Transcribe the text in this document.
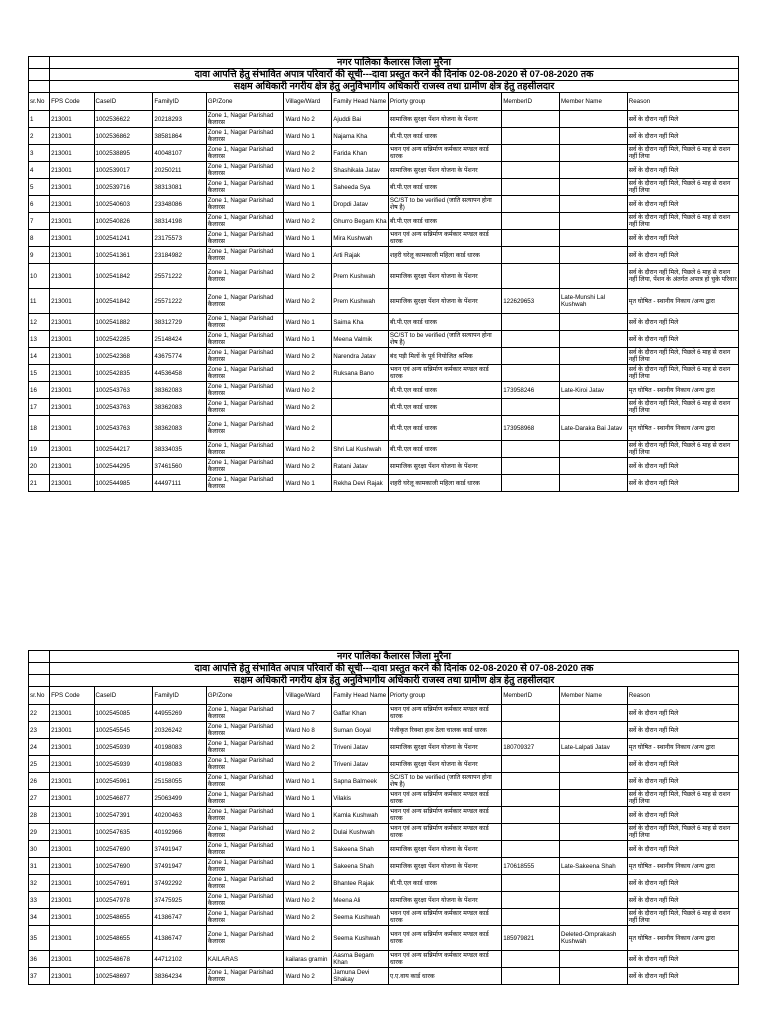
	नगर पालिका कैलारस जिला मुरैना									
	दावा आपत्ति हेतु संभावित अपात्र परिवारों की सूची---दावा प्रस्तुत करने की दिनांक 02-08-2020 से 07-08-2020 तक									
	सक्षम अधिकारी नगरीय क्षेत्र हेतु अनुविभागीय अधिकारी राजस्व तथा ग्रामीण क्षेत्र हेतु तहसीलदार									
sr.No	FPS Code	CaseID	FamilyID	GP/Zone	Village/Ward	Family Head Name	Priorty group	MemberID	Member Name	Reason
1	213001	1002536622	20218293	Zone 1, Nagar Parishad कैलारस	Ward No 2	Ajuddi Bai	सामाजिक सुरक्षा पेंशन योजना के पेंशनर			सर्वे के दौरान नहीं मिले
2	213001	1002536862	38581864	Zone 1, Nagar Parishad कैलारस	Ward No 1	Najama Kha	बी.पी.एल कार्ड धारक			सर्वे के दौरान नहीं मिले
3	213001	1002538895	40048107	Zone 1, Nagar Parishad कैलारस	Ward No 2	Farida Khan	भवन एवं अन्य सन्निर्माण कर्मकार मण्डल कार्ड धारक			सर्व के दौरान नहीं मिले, पिछले 6 माह से राशन नहीं लिया
4	213001	1002539017	20250211	Zone 1, Nagar Parishad कैलारस	Ward No 2	Shashikala Jatav	सामाजिक सुरक्षा पेंशन योजना के पेंशनर			सर्वे के दौरान नहीं मिले
5	213001	1002539716	38313081	Zone 1, Nagar Parishad कैलारस	Ward No 1	Saheeda Sya	बी.पी.एल कार्ड धारक			सर्व के दौरान नहीं मिले, पिछले 6 माह से राशन नहीं लिया
6	213001	1002540603	23348086	Zone 1, Nagar Parishad कैलारस	Ward No 1	Dropdi Jatav	SC/ST to be verified (जाति सत्यापन होना शेष है)			सर्वे के दौरान नहीं मिले
7	213001	1002540826	38314198	Zone 1, Nagar Parishad कैलारस	Ward No 2	Ghurro Begam Kha	बी.पी.एल कार्ड धारक			सर्व के दौरान नहीं मिले, पिछले 6 माह से राशन नहीं लिया
8	213001	1002541241	23175573	Zone 1, Nagar Parishad कैलारस	Ward No 1	Mira Kushwah	भवन एवं अन्य सन्निर्माण कर्मकार मण्डल कार्ड धारक			सर्वे के दौरान नहीं मिले
9	213001	1002541361	23184982	Zone 1, Nagar Parishad कैलारस	Ward No 1	Arti Rajak	शहरी घरेलू कामकाजी महिला कार्ड धारक			सर्वे के दौरान नहीं मिले
10	213001	1002541842	25571222	Zone 1, Nagar Parishad कैलारस	Ward No 2	Prem Kushwah	सामाजिक सुरक्षा पेंशन योजना के पेंशनर			सर्व के दौरान नहीं मिले, पिछले 6 माह से राशन नहीं लिया, पेंशन के अंतर्गत अपात्र हो चुके परिवार
11	213001	1002541842	25571222	Zone 1, Nagar Parishad कैलारस	Ward No 2	Prem Kushwah	सामाजिक सुरक्षा पेंशन योजना के पेंशनर	122629653	Late-Munshi Lal Kushwah	मृत घोषित - स्थानीय निकाय /अन्य द्वारा
12	213001	1002541882	38312729	Zone 1, Nagar Parishad कैलारस	Ward No 1	Saima Kha	बी.पी.एल कार्ड धारक			सर्वे के दौरान नहीं मिले
13	213001	1002542285	25148424	Zone 1, Nagar Parishad कैलारस	Ward No 1	Meena Valmik	SC/ST to be verified (जाति सत्यापन होना शेष है)			सर्वे के दौरान नहीं मिले
14	213001	1002542368	43675774	Zone 1, Nagar Parishad कैलारस	Ward No 2	Narendra Jatav	बंद पड़ी मिलों के पूर्व नियोजित श्रमिक			सर्व के दौरान नहीं मिले, पिछले 6 माह से राशन नहीं लिया
15	213001	1002542835	44536458	Zone 1, Nagar Parishad कैलारस	Ward No 2	Ruksana Bano	भवन एवं अन्य सन्निर्माण कर्मकार मण्डल कार्ड धारक			सर्व के दौरान नहीं मिले, पिछले 6 माह से राशन नहीं लिया
16	213001	1002543763	38362083	Zone 1, Nagar Parishad कैलारस	Ward No 2		बी.पी.एल कार्ड धारक	173958246	Late-Kiroi Jatav	मृत घोषित - स्थानीय निकाय /अन्य द्वारा
17	213001	1002543763	38362083	Zone 1, Nagar Parishad कैलारस	Ward No 2		बी.पी.एल कार्ड धारक			सर्व के दौरान नहीं मिले, पिछले 6 माह से राशन नहीं लिया
18	213001	1002543763	38362083	Zone 1, Nagar Parishad कैलारस	Ward No 2		बी.पी.एल कार्ड धारक	173958968	Late-Daraka Bai Jatav	मृत घोषित - स्थानीय निकाय /अन्य द्वारा
19	213001	1002544217	38334035	Zone 1, Nagar Parishad कैलारस	Ward No 2	Shri Lal Kushwah	बी.पी.एल कार्ड धारक			सर्व के दौरान नहीं मिले, पिछले 6 माह से राशन नहीं लिया
20	213001	1002544295	37461560	Zone 1, Nagar Parishad कैलारस	Ward No 2	Ratani Jatav	सामाजिक सुरक्षा पेंशन योजना के पेंशनर			सर्वे के दौरान नहीं मिले
21	213001	1002544985	44497111	Zone 1, Nagar Parishad कैलारस	Ward No 1	Rekha Devi Rajak	शहरी घरेलू कामकाजी महिला कार्ड धारक			सर्वे के दौरान नहीं मिले
	नगर पालिका कैलारस जिला मुरैना									
	दावा आपत्ति हेतु संभावित अपात्र परिवारों की सूची---दावा प्रस्तुत करने की दिनांक 02-08-2020 से 07-08-2020 तक									
	सक्षम अधिकारी नगरीय क्षेत्र हेतु अनुविभागीय अधिकारी राजस्व तथा ग्रामीण क्षेत्र हेतु तहसीलदार									
sr.No	FPS Code	CaseID	FamilyID	GP/Zone	Village/Ward	Family Head Name	Priorty group	MemberID	Member Name	Reason
22	213001	1002545085	44955269	Zone 1, Nagar Parishad कैलारस	Ward No 7	Gaffar Khan	भवन एवं अन्य सन्निर्माण कर्मकार मण्डल कार्ड धारक			सर्वे के दौरान नहीं मिले
23	213001	1002545545	20326242	Zone 1, Nagar Parishad कैलारस	Ward No 8	Suman Goyal	पंजीकृत रिक्शा हाथ ठेला चालक कार्ड धारक			सर्वे के दौरान नहीं मिले
24	213001	1002545939	40198083	Zone 1, Nagar Parishad कैलारस	Ward No 2	Triveni Jatav	सामाजिक सुरक्षा पेंशन योजना के पेंशनर	180709327	Late-Lalpati Jatav	मृत घोषित - स्थानीय निकाय /अन्य द्वारा
25	213001	1002545939	40198083	Zone 1, Nagar Parishad कैलारस	Ward No 2	Triveni Jatav	सामाजिक सुरक्षा पेंशन योजना के पेंशनर			सर्वे के दौरान नहीं मिले
26	213001	1002545961	25158055	Zone 1, Nagar Parishad कैलारस	Ward No 1	Sapna Balmeek	SC/ST to be verified (जाति सत्यापन होना शेष है)			सर्वे के दौरान नहीं मिले
27	213001	1002546877	25063499	Zone 1, Nagar Parishad कैलारस	Ward No 1	Vilakis	भवन एवं अन्य सन्निर्माण कर्मकार मण्डल कार्ड धारक			सर्व के दौरान नहीं मिले, पिछले 6 माह से राशन नहीं लिया
28	213001	1002547391	40200463	Zone 1, Nagar Parishad कैलारस	Ward No 1	Kamla Kushwah	भवन एवं अन्य सन्निर्माण कर्मकार मण्डल कार्ड धारक			सर्वे के दौरान नहीं मिले
29	213001	1002547635	40192966	Zone 1, Nagar Parishad कैलारस	Ward No 2	Dulai Kushwah	भवन एवं अन्य सन्निर्माण कर्मकार मण्डल कार्ड धारक			सर्व के दौरान नहीं मिले, पिछले 6 माह से राशन नहीं लिया
30	213001	1002547690	37491947	Zone 1, Nagar Parishad कैलारस	Ward No 1	Sakeena Shah	सामाजिक सुरक्षा पेंशन योजना के पेंशनर			सर्वे के दौरान नहीं मिले
31	213001	1002547690	37491947	Zone 1, Nagar Parishad कैलारस	Ward No 1	Sakeena Shah	सामाजिक सुरक्षा पेंशन योजना के पेंशनर	170618555	Late-Sakeena Shah	मृत घोषित - स्थानीय निकाय /अन्य द्वारा
32	213001	1002547691	37492292	Zone 1, Nagar Parishad कैलारस	Ward No 2	Bhantee Rajak	बी.पी.एल कार्ड धारक			सर्वे के दौरान नहीं मिले
33	213001	1002547978	37475925	Zone 1, Nagar Parishad कैलारस	Ward No 2	Meena Ali	सामाजिक सुरक्षा पेंशन योजना के पेंशनर			सर्वे के दौरान नहीं मिले
34	213001	1002548655	41386747	Zone 1, Nagar Parishad कैलारस	Ward No 2	Seema Kushwah	भवन एवं अन्य सन्निर्माण कर्मकार मण्डल कार्ड धारक			सर्व के दौरान नहीं मिले, पिछले 6 माह से राशन नहीं लिया
35	213001	1002548655	41386747	Zone 1, Nagar Parishad कैलारस	Ward No 2	Seema Kushwah	भवन एवं अन्य सन्निर्माण कर्मकार मण्डल कार्ड धारक	185979821	Deleted-Omprakash Kushwah	मृत घोषित - स्थानीय निकाय /अन्य द्वारा
36	213001	1002548678	44712102	KAILARAS	kailaras gramin	Aasma Begam Khan	भवन एवं अन्य सन्निर्माण कर्मकार मण्डल कार्ड धारक			सर्वे के दौरान नहीं मिले
37	213001	1002548697	38364234	Zone 1, Nagar Parishad कैलारस	Ward No 2	Jamuna Devi Shakay	ए.ए.वाय कार्ड धारक			सर्वे के दौरान नहीं मिले
